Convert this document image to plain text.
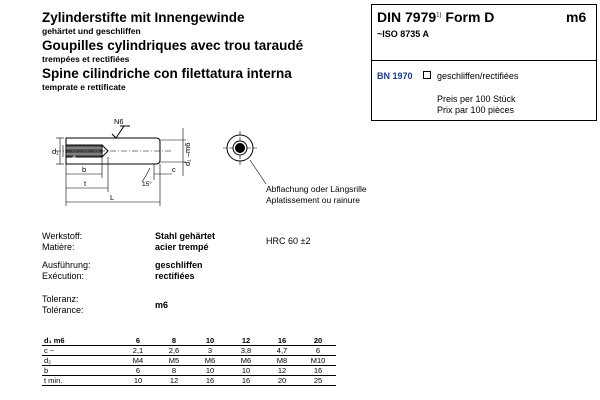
Zylinderstifte mit Innengewinde
gehärtet und geschliffen
Goupilles cylindriques avec trou taraudé
trempées et rectifiées
Spine cilindriche con filettatura interna
temprate e rettificate
DIN 7979$^{1)}$ Form D	m6
~ISO 8735 A
BN 1970	geschliffen/rectifiées
Preis per 100 Stück
Prix par 100 pièces
N6
d₁
b
t
L
c
15°
d₁ –m6
d₂
Abflachung oder Längsrille
Aplatissement ou rainure
Werkstoff:
Matière:
Stahl gehärtet
acier trempé
HRC 60 ±2
Ausführung:
Exécution:
geschliffen
rectifiées
Toleranz:
Tolérance:	m6
d₁ m6	6	8	10	12	16	20
c ~	2,1	2,6	3	3,8	4,7	6
d₂	M4	M5	M6	M6	M8	M10
b	6	8	10	10	12	16
t min.	10	12	16	16	20	25
